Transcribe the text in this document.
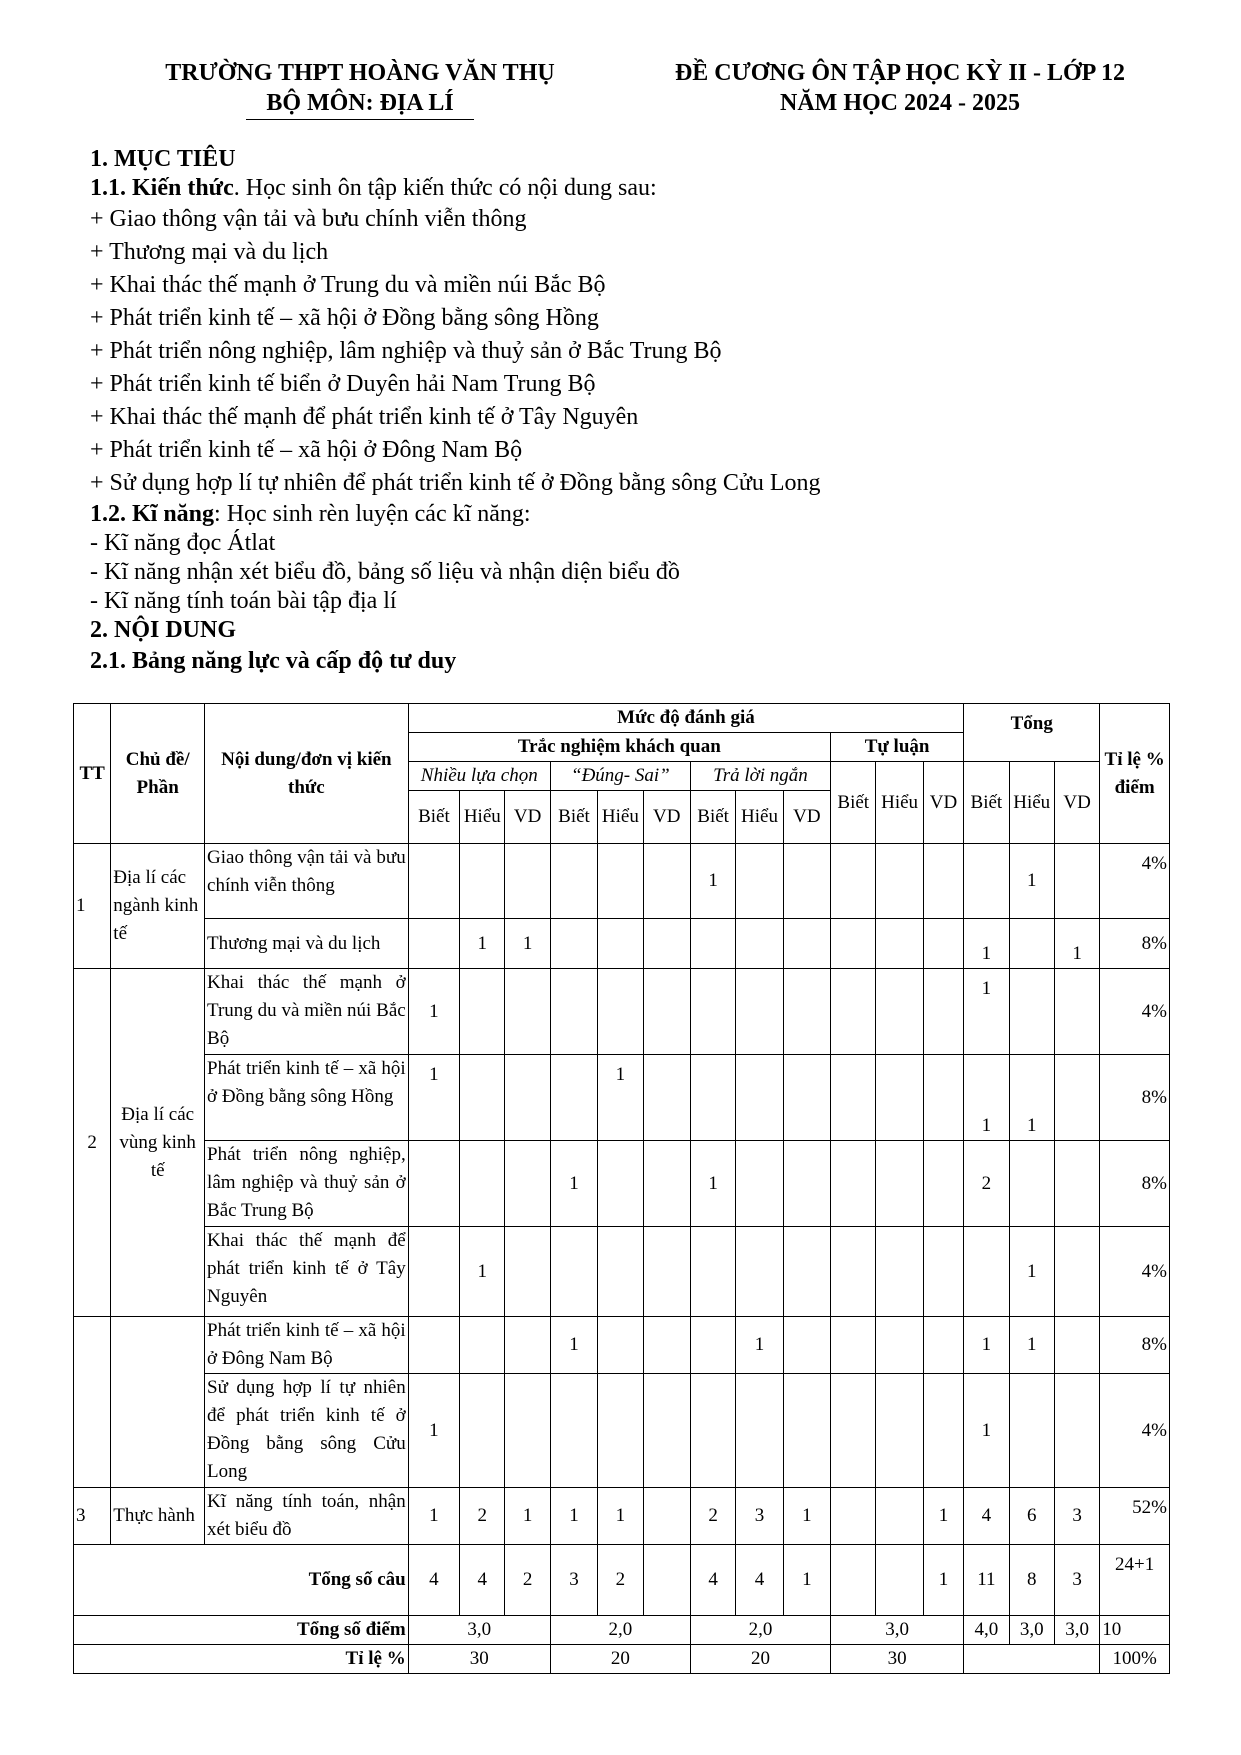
TRƯỜNG THPT HOÀNG VĂN THỤ
BỘ MÔN: ĐỊA LÍ
ĐỀ CƯƠNG ÔN TẬP HỌC KỲ II - LỚP 12
NĂM HỌC 2024 - 2025
1. MỤC TIÊU
1.1. Kiến thức. Học sinh ôn tập kiến thức có nội dung sau:
+ Giao thông vận tải và bưu chính viễn thông
+ Thương mại và du lịch
+ Khai thác thế mạnh ở Trung du và miền núi Bắc Bộ
+ Phát triển kinh tế – xã hội ở Đồng bằng sông Hồng
+ Phát triển nông nghiệp, lâm nghiệp và thuỷ sản ở Bắc Trung Bộ
+ Phát triển kinh tế biển ở Duyên hải Nam Trung Bộ
+ Khai thác thế mạnh để phát triển kinh tế ở Tây Nguyên
+ Phát triển kinh tế – xã hội ở Đông Nam Bộ
+ Sử dụng hợp lí tự nhiên để phát triển kinh tế ở Đồng bằng sông Cửu Long
1.2. Kĩ năng: Học sinh rèn luyện các kĩ năng:
- Kĩ năng đọc Átlat
- Kĩ năng nhận xét biểu đồ, bảng số liệu và nhận diện biểu đồ
- Kĩ năng tính toán bài tập địa lí
2. NỘI DUNG
2.1. Bảng năng lực và cấp độ tư duy
TT	Chủ đề/ Phần	Nội dung/đơn vị kiến thức	Mức độ đánh giá												Tổng			Tỉ lệ % điểm
			Trắc nghiệm khách quan									Tự luận						
			Nhiều lựa chọn			“Đúng- Sai”			Trả lời ngắn			Biết	Hiểu	VD	Biết	Hiểu	VD	
			Biết	Hiểu	VD	Biết	Hiểu	VD	Biết	Hiểu	VD							
1	Địa lí các ngành kinh tế	Giao thông vận tải và bưu chính viễn thông							1							1		4%
		Thương mại và du lịch		1	1										1		1	8%
2	Địa lí các vùng kinh tế	Khai thác thế mạnh ở Trung du và miền núi Bắc Bộ	1												1			4%
		Phát triển kinh tế – xã hội ở Đồng bằng sông Hồng	1				1								1	1		8%
		Phát triển nông nghiệp, lâm nghiệp và thuỷ sản ở Bắc Trung Bộ				1			1						2			8%
		Khai thác thế mạnh để phát triển kinh tế ở Tây Nguyên		1												1		4%
		Phát triển kinh tế – xã hội ở Đông Nam Bộ				1				1					1	1		8%
		Sử dụng hợp lí tự nhiên để phát triển kinh tế ở Đồng bằng sông Cửu Long	1												1			4%
3	Thực hành	Kĩ năng tính toán, nhận xét biểu đồ	1	2	1	1	1		2	3	1			1	4	6	3	52%
Tổng số câu			4	4	2	3	2		4	4	1			1	11	8	3	24+1
Tổng số điểm			3,0			2,0			2,0			3,0			4,0	3,0	3,0	10
Tỉ lệ %			30			20			20			30						100%
